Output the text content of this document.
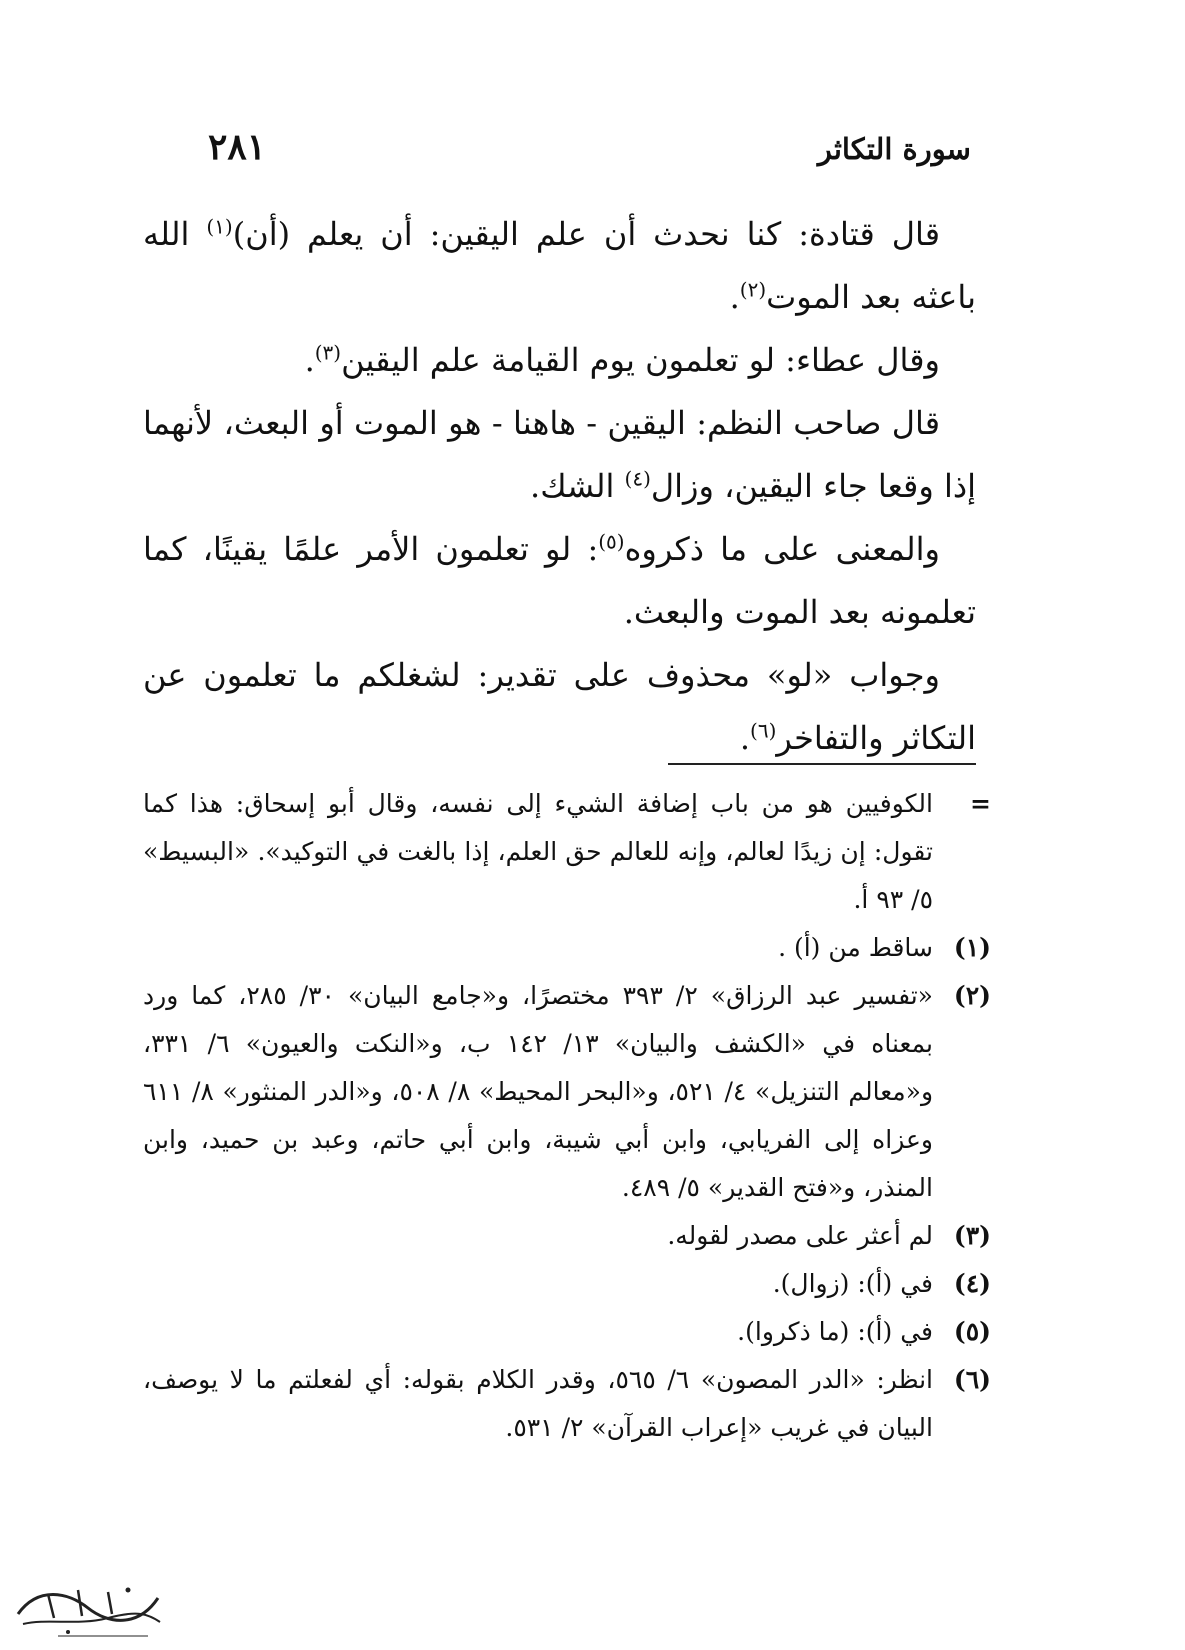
سورة التكاثر
٢٨١

قال قتادة: كنا نحدث أن علم اليقين: أن يعلم (أن)$^{(١)}$ الله باعثه بعد الموت$^{(٢)}$.

وقال عطاء: لو تعلمون يوم القيامة علم اليقين$^{(٣)}$.

قال صاحب النظم: اليقين - هاهنا - هو الموت أو البعث، لأنهما إذا وقعا جاء اليقين، وزال$^{(٤)}$ الشك.

والمعنى على ما ذكروه$^{(٥)}$: لو تعلمون الأمر علمًا يقينًا، كما تعلمونه بعد الموت والبعث.

وجواب «لو» محذوف على تقدير: لشغلكم ما تعلمون عن التكاثر والتفاخر$^{(٦)}$.

=
الكوفيين هو من باب إضافة الشيء إلى نفسه، وقال أبو إسحاق: هذا كما تقول: إن زيدًا لعالم، وإنه للعالم حق العلم، إذا بالغت في التوكيد». «البسيط» ٥/ ٩٣ أ.
(١)
ساقط من (أ) .
(٢)
«تفسير عبد الرزاق» ٢/ ٣٩٣ مختصرًا، و«جامع البيان» ٣٠/ ٢٨٥، كما ورد بمعناه في «الكشف والبيان» ١٣/ ١٤٢ ب، و«النكت والعيون» ٦/ ٣٣١، و«معالم التنزيل» ٤/ ٥٢١، و«البحر المحيط» ٨/ ٥٠٨، و«الدر المنثور» ٨/ ٦١١ وعزاه إلى الفريابي، وابن أبي شيبة، وابن أبي حاتم، وعبد بن حميد، وابن المنذر، و«فتح القدير» ٥/ ٤٨٩.
(٣)
لم أعثر على مصدر لقوله.
(٤)
في (أ): (زوال).
(٥)
في (أ): (ما ذكروا).
(٦)
انظر: «الدر المصون» ٦/ ٥٦٥، وقدر الكلام بقوله: أي لفعلتم ما لا يوصف، البيان في غريب «إعراب القرآن» ٢/ ٥٣١.
